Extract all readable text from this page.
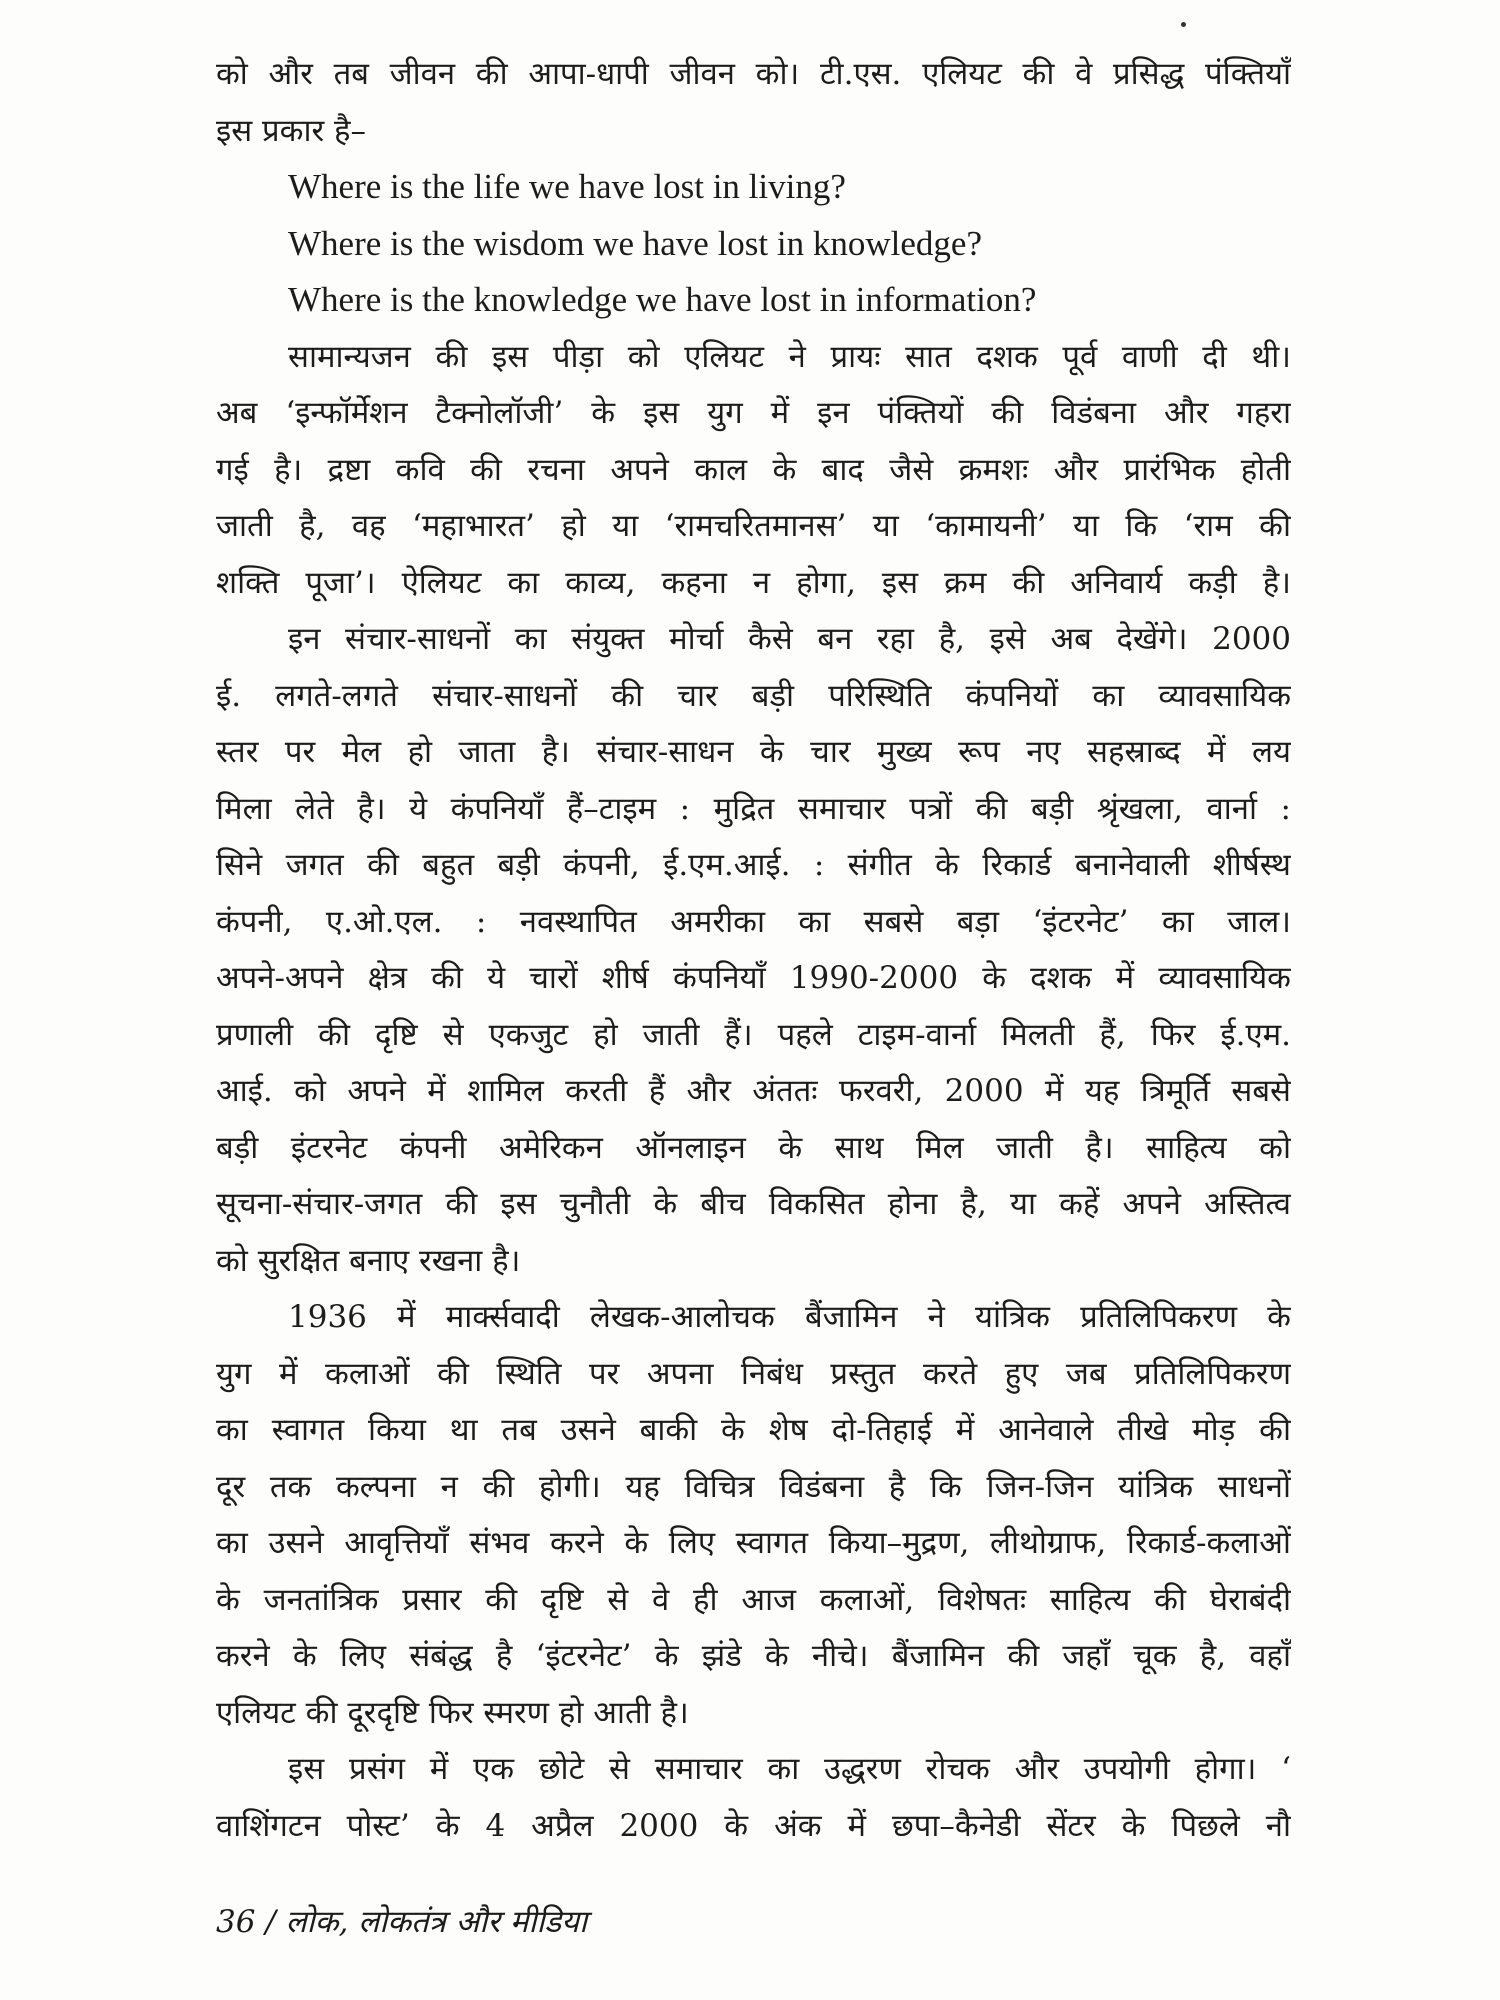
को और तब जीवन की आपा-धापी जीवन को। टी.एस. एलियट की वे प्रसिद्ध पंक्तियाँ
इस प्रकार है–
Where is the life we have lost in living?
Where is the wisdom we have lost in knowledge?
Where is the knowledge we have lost in information?
सामान्यजन की इस पीड़ा को एलियट ने प्रायः सात दशक पूर्व वाणी दी थी।
अब ‘इन्फॉर्मेशन टैक्नोलॉजी’ के इस युग में इन पंक्तियों की विडंबना और गहरा
गई है। द्रष्टा कवि की रचना अपने काल के बाद जैसे क्रमशः और प्रारंभिक होती
जाती है, वह ‘महाभारत’ हो या ‘रामचरितमानस’ या ‘कामायनी’ या कि ‘राम की
शक्ति पूजा’। ऐलियट का काव्य, कहना न होगा, इस क्रम की अनिवार्य कड़ी है।
इन संचार-साधनों का संयुक्त मोर्चा कैसे बन रहा है, इसे अब देखेंगे। 2000
ई. लगते-लगते संचार-साधनों की चार बड़ी परिस्थिति कंपनियों का व्यावसायिक
स्तर पर मेल हो जाता है। संचार-साधन के चार मुख्य रूप नए सहस्राब्द में लय
मिला लेते है। ये कंपनियाँ हैं–टाइम : मुद्रित समाचार पत्रों की बड़ी श्रृंखला, वार्ना :
सिने जगत की बहुत बड़ी कंपनी, ई.एम.आई. : संगीत के रिकार्ड बनानेवाली शीर्षस्थ
कंपनी, ए.ओ.एल. : नवस्थापित अमरीका का सबसे बड़ा ‘इंटरनेट’ का जाल।
अपने-अपने क्षेत्र की ये चारों शीर्ष कंपनियाँ 1990-2000 के दशक में व्यावसायिक
प्रणाली की दृष्टि से एकजुट हो जाती हैं। पहले टाइम-वार्ना मिलती हैं, फिर ई.एम.
आई. को अपने में शामिल करती हैं और अंततः फरवरी, 2000 में यह त्रिमूर्ति सबसे
बड़ी इंटरनेट कंपनी अमेरिकन ऑनलाइन के साथ मिल जाती है। साहित्य को
सूचना-संचार-जगत की इस चुनौती के बीच विकसित होना है, या कहें अपने अस्तित्व
को सुरक्षित बनाए रखना है।
1936 में मार्क्सवादी लेखक-आलोचक बैंजामिन ने यांत्रिक प्रतिलिपिकरण के
युग में कलाओं की स्थिति पर अपना निबंध प्रस्तुत करते हुए जब प्रतिलिपिकरण
का स्वागत किया था तब उसने बाकी के शेष दो-तिहाई में आनेवाले तीखे मोड़ की
दूर तक कल्पना न की होगी। यह विचित्र विडंबना है कि जिन-जिन यांत्रिक साधनों
का उसने आवृत्तियाँ संभव करने के लिए स्वागत किया–मुद्रण, लीथोग्राफ, रिकार्ड-कलाओं
के जनतांत्रिक प्रसार की दृष्टि से वे ही आज कलाओं, विशेषतः साहित्य की घेराबंदी
करने के लिए संबंद्ध है ‘इंटरनेट’ के झंडे के नीचे। बैंजामिन की जहाँ चूक है, वहाँ
एलियट की दूरदृष्टि फिर स्मरण हो आती है।
इस प्रसंग में एक छोटे से समाचार का उद्धरण रोचक और उपयोगी होगा। ‘
वाशिंगटन पोस्ट’ के 4 अप्रैल 2000 के अंक में छपा–कैनेडी सेंटर के पिछले नौ
36 / लोक, लोकतंत्र और मीडिया
